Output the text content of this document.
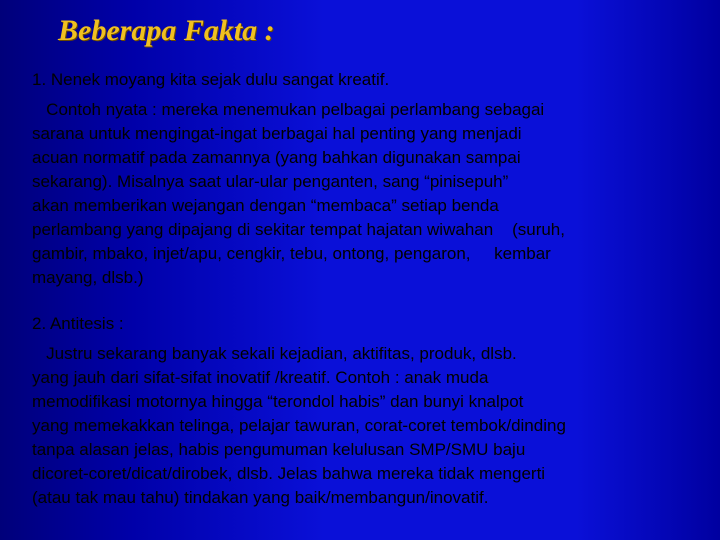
Beberapa Fakta :
1. Nenek moyang kita sejak dulu sangat kreatif.
Contoh nyata : mereka menemukan pelbagai perlambang sebagai
sarana untuk mengingat-ingat berbagai hal penting yang menjadi
acuan normatif pada zamannya (yang bahkan digunakan sampai
sekarang). Misalnya saat ular-ular penganten, sang “pinisepuh”
akan memberikan wejangan dengan “membaca” setiap benda
perlambang yang dipajang di sekitar tempat hajatan wiwahan    (suruh,
gambir, mbako, injet/apu, cengkir, tebu, ontong, pengaron,     kembar
mayang, dlsb.)
2. Antitesis :
Justru sekarang banyak sekali kejadian, aktifitas, produk, dlsb.
yang jauh dari sifat-sifat inovatif /kreatif. Contoh : anak muda
memodifikasi motornya hingga “terondol habis” dan bunyi knalpot
yang memekakkan telinga, pelajar tawuran, corat-coret tembok/dinding
tanpa alasan jelas, habis pengumuman kelulusan SMP/SMU baju
dicoret-coret/dicat/dirobek, dlsb. Jelas bahwa mereka tidak mengerti
(atau tak mau tahu) tindakan yang baik/membangun/inovatif.
